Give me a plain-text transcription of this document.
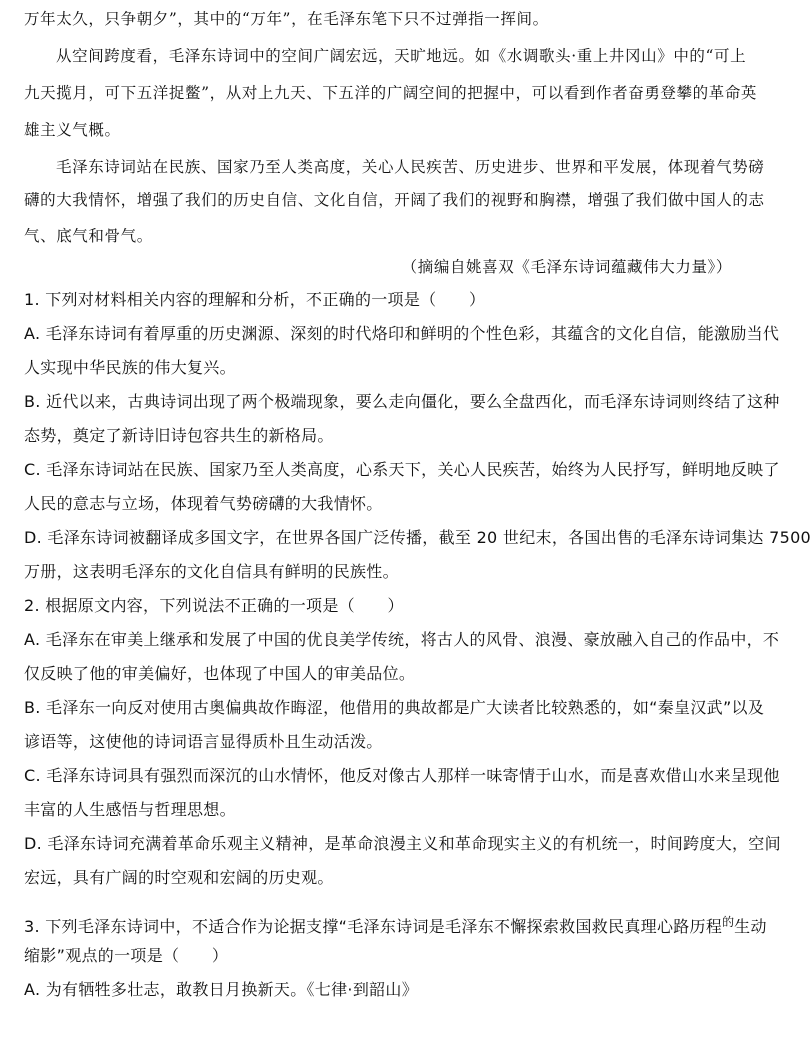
万年太久，只争朝夕”，其中的“万年”，在毛泽东笔下只不过弹指一挥间。
从空间跨度看，毛泽东诗词中的空间广阔宏远，天旷地远。如《水调歌头·重上井冈山》中的“可上
九天揽月，可下五洋捉鳖”，从对上九天、下五洋的广阔空间的把握中，可以看到作者奋勇登攀的革命英
雄主义气概。
毛泽东诗词站在民族、国家乃至人类高度，关心人民疾苦、历史进步、世界和平发展，体现着气势磅
礴的大我情怀，增强了我们的历史自信、文化自信，开阔了我们的视野和胸襟，增强了我们做中国人的志
气、底气和骨气。
（摘编自姚喜双《毛泽东诗词蕴藏伟大力量》）
1. 下列对材料相关内容的理解和分析，不正确的一项是（　　）
A. 毛泽东诗词有着厚重的历史渊源、深刻的时代烙印和鲜明的个性色彩，其蕴含的文化自信，能激励当代
人实现中华民族的伟大复兴。
B. 近代以来，古典诗词出现了两个极端现象，要么走向僵化，要么全盘西化，而毛泽东诗词则终结了这种
态势，奠定了新诗旧诗包容共生的新格局。
C. 毛泽东诗词站在民族、国家乃至人类高度，心系天下，关心人民疾苦，始终为人民抒写，鲜明地反映了
人民的意志与立场，体现着气势磅礴的大我情怀。
D. 毛泽东诗词被翻译成多国文字，在世界各国广泛传播，截至 20 世纪末，各国出售的毛泽东诗词集达 7500
万册，这表明毛泽东的文化自信具有鲜明的民族性。
2. 根据原文内容，下列说法不正确的一项是（　　）
A. 毛泽东在审美上继承和发展了中国的优良美学传统，将古人的风骨、浪漫、豪放融入自己的作品中，不
仅反映了他的审美偏好，也体现了中国人的审美品位。
B. 毛泽东一向反对使用古奥偏典故作晦涩，他借用的典故都是广大读者比较熟悉的，如“秦皇汉武”以及
谚语等，这使他的诗词语言显得质朴且生动活泼。
C. 毛泽东诗词具有强烈而深沉的山水情怀，他反对像古人那样一味寄情于山水，而是喜欢借山水来呈现他
丰富的人生感悟与哲理思想。
D. 毛泽东诗词充满着革命乐观主义精神，是革命浪漫主义和革命现实主义的有机统一，时间跨度大，空间
宏远，具有广阔的时空观和宏阔的历史观。
3. 下列毛泽东诗词中，不适合作为论据支撑“毛泽东诗词是毛泽东不懈探索救国救民真理心路历程$^的$生动
缩影”观点的一项是（　　）
A. 为有牺牲多壮志，敢教日月换新天。《七律·到韶山》
